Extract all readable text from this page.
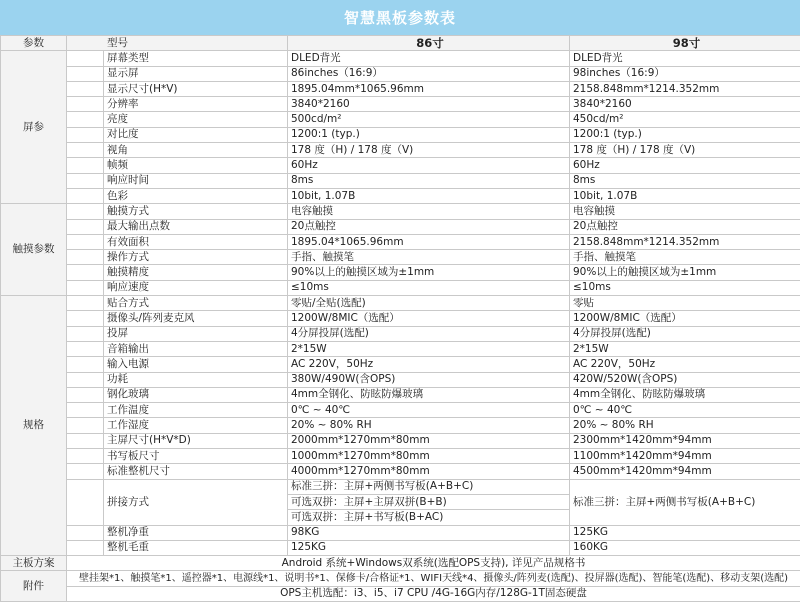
智慧黑板参数表
参数	型号		86寸	98寸
屏参		屏幕类型	DLED背光	DLED背光
		显示屏	86inches（16:9）	98inches（16:9）
		显示尺寸(H*V)	1895.04mm*1065.96mm	2158.848mm*1214.352mm
		分辨率	3840*2160	3840*2160
		亮度	500cd/m²	450cd/m²
		对比度	1200:1 (typ.)	1200:1 (typ.)
		视角	178 度（H) / 178 度（V)	178 度（H) / 178 度（V)
		帧频	60Hz	60Hz
		响应时间	8ms	8ms
		色彩	10bit, 1.07B	10bit, 1.07B
触摸参数		触摸方式	电容触摸	电容触摸
		最大输出点数	20点触控	20点触控
		有效面积	1895.04*1065.96mm	2158.848mm*1214.352mm
		操作方式	手指、触摸笔	手指、触摸笔
		触摸精度	90%以上的触摸区域为±1mm	90%以上的触摸区域为±1mm
		响应速度	≤10ms	≤10ms
规格		贴合方式	零贴/全贴(选配)	零贴
		摄像头/阵列麦克风	1200W/8MIC（选配）	1200W/8MIC（选配）
		投屏	4分屏投屏(选配)	4分屏投屏(选配)
		音箱输出	2*15W	2*15W
		输入电源	AC 220V，50Hz	AC 220V，50Hz
		功耗	380W/490W(含OPS)	420W/520W(含OPS)
		钢化玻璃	4mm全钢化、防眩防爆玻璃	4mm全钢化、防眩防爆玻璃
		工作温度	0℃ ~ 40℃	0℃ ~ 40℃
		工作湿度	20% ~ 80% RH	20% ~ 80% RH
		主屏尺寸(H*V*D)	2000mm*1270mm*80mm	2300mm*1420mm*94mm
		书写板尺寸	1000mm*1270mm*80mm	1100mm*1420mm*94mm
		标准整机尺寸	4000mm*1270mm*80mm	4500mm*1420mm*94mm
		拼接方式	标准三拼：主屏+两侧书写板(A+B+C)	标准三拼：主屏+两侧书写板(A+B+C)
			可选双拼：主屏+主屏双拼(B+B)	
			可选双拼：主屏+书写板(B+AC)	
		整机净重	98KG	125KG
		整机毛重	125KG	160KG
主板方案	Android 系统+Windows双系统(选配OPS支持), 详见产品规格书			
附件	壁挂架*1、触摸笔*1、遥控器*1、电源线*1、说明书*1、保修卡/合格证*1、WIFI天线*4、摄像头/阵列麦(选配)、投屏器(选配)、智能笔(选配)、移动支架(选配)			
	OPS主机选配：i3、i5、i7 CPU /4G-16G内存/128G-1T固态硬盘			
